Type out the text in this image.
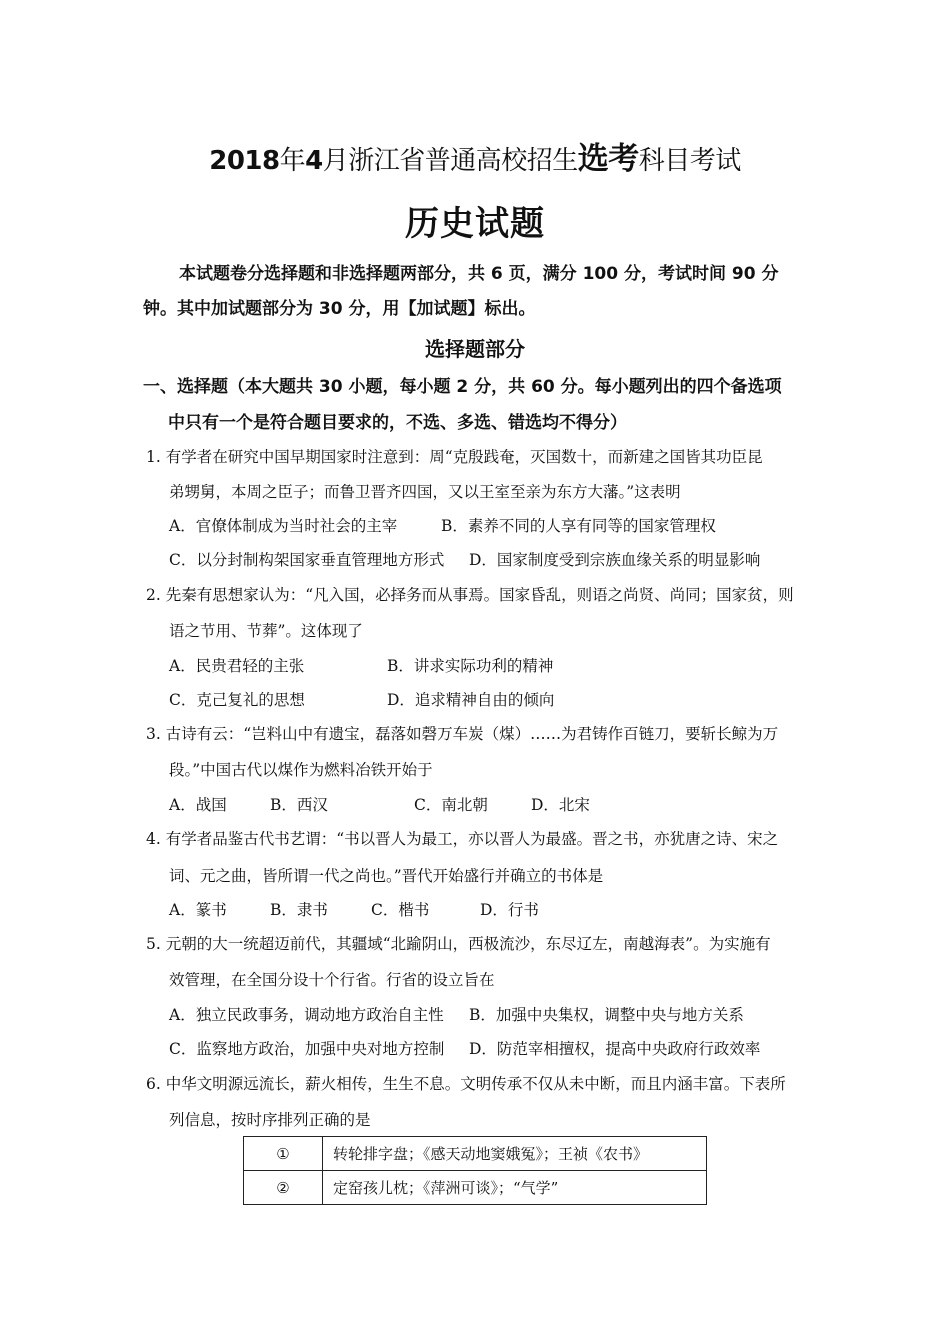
2018年4月浙江省普通高校招生选考科目考试
历史试题
本试题卷分选择题和非选择题两部分，共 6 页，满分 100 分，考试时间 90 分
钟。其中加试题部分为 30 分，用【加试题】标出。
选择题部分
一、选择题（本大题共 30 小题，每小题 2 分，共 60 分。每小题列出的四个备选项
中只有一个是符合题目要求的，不选、多选、错选均不得分）
1. 有学者在研究中国早期国家时注意到：周“克殷践奄，灭国数十，而新建之国皆其功臣昆
弟甥舅，本周之臣子；而鲁卫晋齐四国，又以王室至亲为东方大藩。”这表明
A．官僚体制成为当时社会的主宰	B．素养不同的人享有同等的国家管理权
C．以分封制构架国家垂直管理地方形式 D．国家制度受到宗族血缘关系的明显影响
2. 先秦有思想家认为：“凡入国，必择务而从事焉。国家昏乱，则语之尚贤、尚同；国家贫，则
语之节用、节葬”。这体现了
A．民贵君轻的主张	B．讲求实际功利的精神
C．克己复礼的思想	D．追求精神自由的倾向
3. 古诗有云：“岂料山中有遗宝，磊落如磬万车炭（煤）……为君铸作百链刀，要斩长鲸为万
段。”中国古代以煤作为燃料冶铁开始于
A．战国	B．西汉	C．南北朝	D．北宋
4. 有学者品鉴古代书艺谓：“书以晋人为最工，亦以晋人为最盛。晋之书，亦犹唐之诗、宋之
词、元之曲，皆所谓一代之尚也。”晋代开始盛行并确立的书体是
A．篆书	B．隶书	C．楷书	D．行书
5. 元朝的大一统超迈前代，其疆域“北踰阴山，西极流沙，东尽辽左，南越海表”。为实施有
效管理，在全国分设十个行省。行省的设立旨在
A．独立民政事务，调动地方政治自主性 B．加强中央集权，调整中央与地方关系
C．监察地方政治，加强中央对地方控制 D．防范宰相擅权，提高中央政府行政效率
6. 中华文明源远流长，薪火相传，生生不息。文明传承不仅从未中断，而且内涵丰富。下表所
列信息，按时序排列正确的是
①	转轮排字盘；《感天动地窦娥冤》；王祯《农书》
②	定窑孩儿枕；《萍洲可谈》；“气学”
